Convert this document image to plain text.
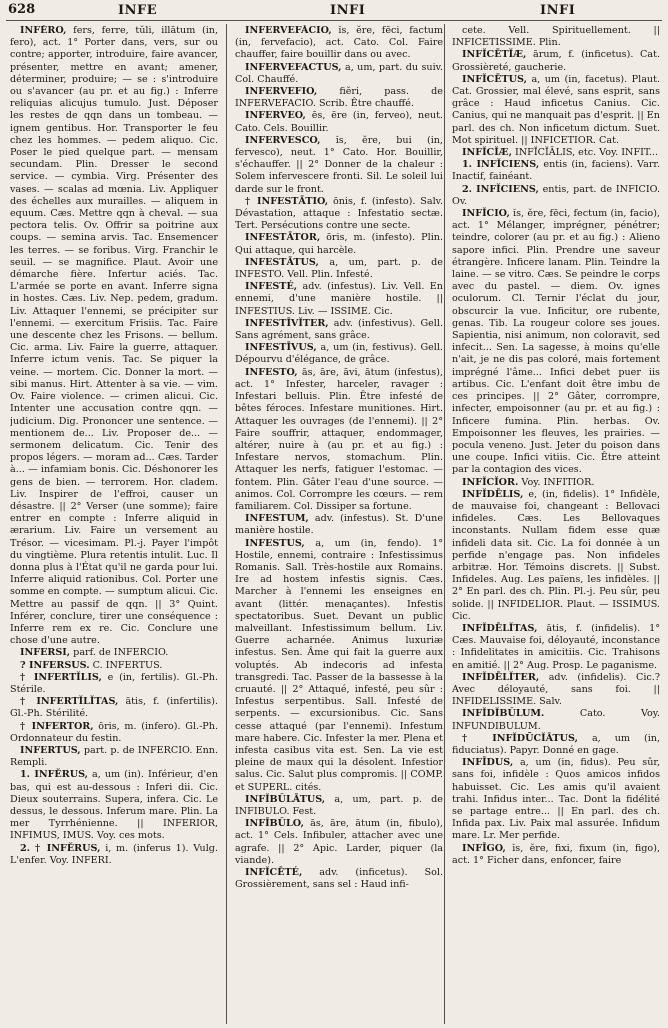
628	INFE	INFI	INFI

INFĔRO, fers, ferre, tŭli, illātum (in, fero), act. 1° Porter dans, vers, sur ou contre; apporter, introduire, faire avancer, présenter, mettre en avant; amener, déterminer, produire; — se : s'introduire ou s'avancer (au pr. et au fig.) : Inferre reliquias alicujus tumulo. Just. Déposer les restes de qqn dans un tombeau. — ignem gentibus. Hor. Transporter le feu chez les hommes. — pedem aliquo. Cic. Poser le pied quelque part. — mensam secundam. Plin. Dresser le second service. — cymbia. Virg. Présenter des vases. — scalas ad mœnia. Liv. Appliquer des échelles aux murailles. — aliquem in equum. Cæs. Mettre qqn à cheval. — sua pectora telis. Ov. Offrir sa poitrine aux coups. — semina arvis. Tac. Ensemencer les terres. — se foribus. Virg. Franchir le seuil. — se magnifice. Plaut. Avoir une démarche fière. Infertur aciés. Tac. L'armée se porte en avant. Inferre signa in hostes. Cæs. Liv. Nep. pedem, gradum. Liv. Attaquer l'ennemi, se précipiter sur l'ennemi. — exercitum Frisiis. Tac. Faire une descente chez les Frisons. — bellum. Cic. arma. Liv. Faire la guerre, attaquer. Inferre ictum venis. Tac. Se piquer la veine. — mortem. Cic. Donner la mort. — sibi manus. Hirt. Attenter à sa vie. — vim. Ov. Faire violence. — crimen alicui. Cic. Intenter une accusation contre qqn. — judicium. Dig. Prononcer une sentence. — mentionem de... Liv. Proposer de... — sermonem delicatum. Cic. Tenir des propos légers. — moram ad... Cæs. Tarder à... — infamiam bonis. Cic. Déshonorer les gens de bien. — terrorem. Hor. cladem. Liv. Inspirer de l'effroi, causer un désastre. || 2° Verser (une somme); faire entrer en compte : Inferre aliquid in ærarium. Liv. Faire un versement au Trésor. — vicesimam. Pl.-j. Payer l'impôt du vingtième. Plura retentis intulit. Luc. Il donna plus à l'État qu'il ne garda pour lui. Inferre aliquid rationibus. Col. Porter une somme en compte. — sumptum alicui. Cic. Mettre au passif de qqn. || 3° Quint. Inférer, conclure, tirer une conséquence : Inferre rem ex re. Cic. Conclure une chose d'une autre.

INFERSI, parf. de INFERCIO.

? INFERSUS. C. INFERTUS.

† INFERTĬLIS, e (in, fertilis). Gl.-Ph. Stérile.

† INFERTĬLĬTAS, ātis, f. (infertilis). Gl.-Ph. Stérilité.

† INFERTOR, ōris, m. (infero). Gl.-Ph. Ordonnateur du festin.

INFERTUS, part. p. de INFERCIO. Enn. Rempli.

1. INFĔRUS, a, um (in). Inférieur, d'en bas, qui est au-dessous : Inferi dii. Cic. Dieux souterrains. Supera, infera. Cic. Le dessus, le dessous. Inferum mare. Plin. La mer Tyrrhénienne. || INFERIOR, INFIMUS, IMUS. Voy. ces mots.

2. † INFĔRUS, i, m. (inferus 1). Vulg. L'enfer. Voy. INFERI.

INFERVEFĂCIO, ĭs, ĕre, fēci, factum (in, fervefacio), act. Cato. Col. Faire chauffer, faire bouillir dans ou avec.

INFERVEFACTUS, a, um, part. du suiv. Col. Chauffé.

INFERVEFIO, fiĕri, pass. de INFERVEFACIO. Scrib. Être chauffé.

INFERVEO, ēs, ēre (in, ferveo), neut. Cato. Cels. Bouillir.

INFERVESCO, ĭs, ĕre, bui (in, fervesco), neut. 1° Cato. Hor. Bouillir, s'échauffer. || 2° Donner de la chaleur : Solem infervescere fronti. Sil. Le soleil lui darde sur le front.

† INFESTĀTIO, ōnis, f. (infesto). Salv. Dévastation, attaque : Infestatio sectæ. Tert. Persécutions contre une secte.

INFESTĀTOR, ōris, m. (infesto). Plin. Qui attaque, qui harcèle.

INFESTĀTUS, a, um, part. p. de INFESTO. Vell. Plin. Infesté.

INFESTÉ, adv. (infestus). Liv. Vell. En ennemi, d'une manière hostile. || INFESTIUS. Liv. — ISSIME. Cic.

INFESTĪVĬTER, adv. (infestivus). Gell. Sans agrément, sans grâce.

INFESTĪVUS, a, um (in, festivus). Gell. Dépourvu d'élégance, de grâce.

INFESTO, ās, āre, āvi, ātum (infestus), act. 1° Infester, harceler, ravager : Infestari belluis. Plin. Être infesté de bêtes féroces. Infestare munitiones. Hirt. Attaquer les ouvrages (de l'ennemi). || 2° Faire souffrir, attaquer, endommager, altérer, nuire à (au pr. et au fig.) : Infestare nervos, stomachum. Plin. Attaquer les nerfs, fatiguer l'estomac. — fontem. Plin. Gâter l'eau d'une source. — animos. Col. Corrompre les cœurs. — rem familiarem. Col. Dissiper sa fortune.

INFESTUM, adv. (infestus). St. D'une manière hostile.

INFESTUS, a, um (in, fendo). 1° Hostile, ennemi, contraire : Infestissimus Romanis. Sall. Très-hostile aux Romains. Ire ad hostem infestis signis. Cæs. Marcher à l'ennemi les enseignes en avant (littér. menaçantes). Infestis spectatoribus. Suet. Devant un public malveillant. Infestissimum bellum. Liv. Guerre acharnée. Animus luxuriæ infestus. Sen. Âme qui fait la guerre aux voluptés. Ab indecoris ad infesta transgredi. Tac. Passer de la bassesse à la cruauté. || 2° Attaqué, infesté, peu sûr : Infestus serpentibus. Sall. Infesté de serpents. — excursionibus. Cic. Sans cesse attaqué (par l'ennemi). Infestum mare habere. Cic. Infester la mer. Plena et infesta casibus vita est. Sen. La vie est pleine de maux qui la désolent. Infestior salus. Cic. Salut plus compromis. || COMP. et SUPERL. cités.

INFĬBŬLĀTUS, a, um, part. p. de INFIBULO. Fest.

INFĪBŬLO, ās, āre, ātum (in, fibulo), act. 1° Cels. Infibuler, attacher avec une agrafe. || 2° Apic. Larder, piquer (la viande).

INFĬCĒTÉ, adv. (inficetus). Sol. Grossièrement, sans sel : Haud infi-

cete. Vell. Spirituellement. || INFICETISSIME. Plin.

INFĬCĒTĬÆ, ārum, f. (inficetus). Cat. Grossièreté, gaucherie.

INFĬCĒTUS, a, um (in, facetus). Plaut. Cat. Grossier, mal élevé, sans esprit, sans grâce : Haud inficetus Canius. Cic. Canius, qui ne manquait pas d'esprit. || En parl. des ch. Non inficetum dictum. Suet. Mot spirituel. || INFICETIOR. Cat.

INFĬCĬÆ, INFĬCĬĀLIS, etc. Voy. INFIT...

1. INFĬCIENS, entis (in, faciens). Varr. Inactif, fainéant.

2. INFĬCIENS, entis, part. de INFICIO. Ov.

INFĬCIO, ĭs, ĕre, fēci, fectum (in, facio), act. 1° Mélanger, imprégner, pénétrer; teindre, colorer (au pr. et au fig.) : Alieno sapore infici. Plin. Prendre une saveur étrangère. Inficere lanam. Plin. Teindre la laine. — se vitro. Cæs. Se peindre le corps avec du pastel. — diem. Ov. ignes oculorum. Cl. Ternir l'éclat du jour, obscurcir la vue. Inficitur, ore rubente, genas. Tib. La rougeur colore ses joues. Sapientia, nisi animum, non coloravit, sed infecit... Sen. La sagesse, à moins qu'elle n'ait, je ne dis pas coloré, mais fortement imprégné l'âme... Infici debet puer iis artibus. Cic. L'enfant doit être imbu de ces principes. || 2° Gâter, corrompre, infecter, empoisonner (au pr. et au fig.) : Inficere fumina. Plin. herbas. Ov. Empoisonner les fleuves, les prairies. — pocula veneno. Just. Jeter du poison dans une coupe. Infici vitiis. Cic. Être atteint par la contagion des vices.

INFĬCĬOR. Voy. INFITIOR.

INFĬDĒLIS, e, (in, fidelis). 1° Infidèle, de mauvaise foi, changeant : Bellovaci infideles. Cæs. Les Bellovaques inconstants. Nullam fidem esse quæ infideli data sit. Cic. La foi donnée à un perfide n'engage pas. Non infideles arbitræ. Hor. Témoins discrets. || Subst. Infideles. Aug. Les païens, les infidèles. || 2° En parl. des ch. Plin. Pl.-j. Peu sûr, peu solide. || INFIDELIOR. Plaut. — ISSIMUS. Cic.

INFĬDĒLĬTAS, ātis, f. (infidelis). 1° Cæs. Mauvaise foi, déloyauté, inconstance : Infidelitates in amicitiis. Cic. Trahisons en amitié. || 2° Aug. Prosp. Le paganisme.

INFĬDĒLĬTER, adv. (infidelis). Cic.? Avec déloyauté, sans foi. || INFIDELISSIME. Salv.

INFĬDĬBŬLUM. Cato. Voy. INFUNDIBULUM.

† INFĬDŪCĬĀTUS, a, um (in, fiduciatus). Papyr. Donné en gage.

INFĪDUS, a, um (in, fidus). Peu sûr, sans foi, infidèle : Quos amicos infidos habuisset. Cic. Les amis qu'il avaient trahi. Infidus inter... Tac. Dont la fidélité se partage entre... || En parl. des ch. Infida pax. Liv. Paix mal assurée. Infidum mare. Lr. Mer perfide.

INFĪGO, ĭs, ĕre, fixi, fixum (in, figo), act. 1° Ficher dans, enfoncer, faire
